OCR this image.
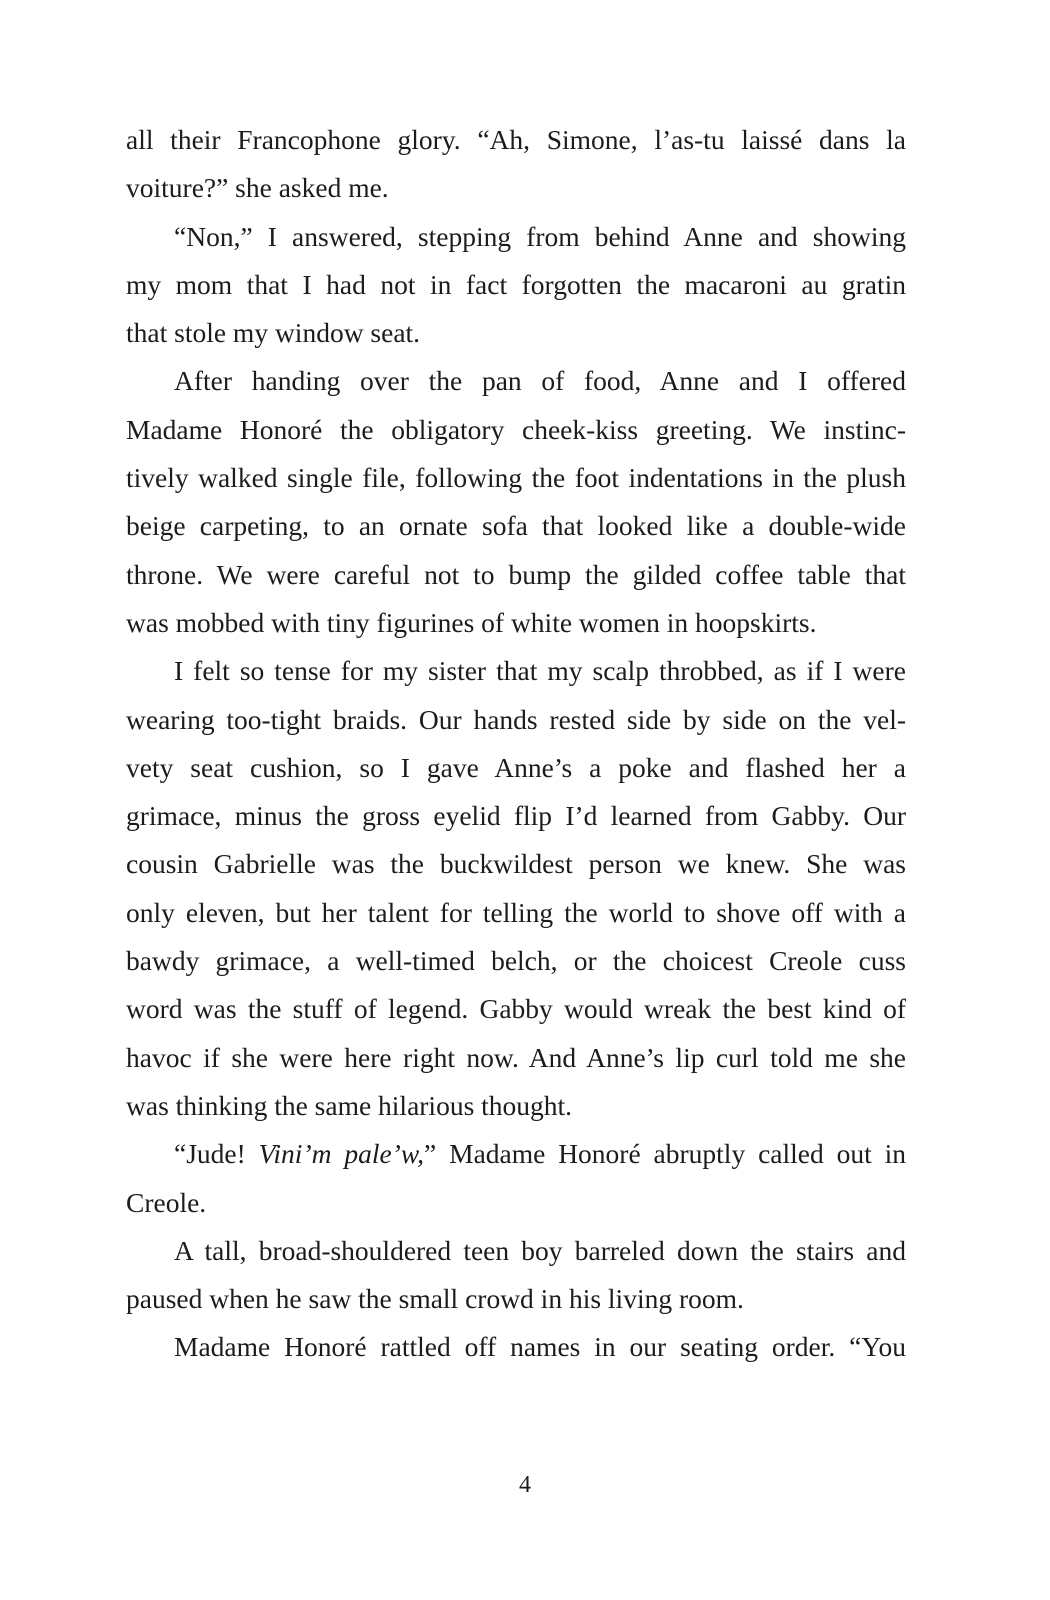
all their Francophone glory. “Ah, Simone, l’as-tu laissé dans la
voiture?” she asked me.
“Non,” I answered, stepping from behind Anne and showing
my mom that I had not in fact forgotten the macaroni au gratin
that stole my window seat.
After handing over the pan of food, Anne and I offered
Madame Honoré the obligatory cheek-kiss greeting. We instinc-
tively walked single file, following the foot indentations in the plush
beige carpeting, to an ornate sofa that looked like a double-wide
throne. We were careful not to bump the gilded coffee table that
was mobbed with tiny figurines of white women in hoopskirts.
I felt so tense for my sister that my scalp throbbed, as if I were
wearing too-tight braids. Our hands rested side by side on the vel-
vety seat cushion, so I gave Anne’s a poke and flashed her a
grimace, minus the gross eyelid flip I’d learned from Gabby. Our
cousin Gabrielle was the buckwildest person we knew. She was
only eleven, but her talent for telling the world to shove off with a
bawdy grimace, a well-timed belch, or the choicest Creole cuss
word was the stuff of legend. Gabby would wreak the best kind of
havoc if she were here right now. And Anne’s lip curl told me she
was thinking the same hilarious thought.
“Jude! Vini’m pale’w,” Madame Honoré abruptly called out in
Creole.
A tall, broad-shouldered teen boy barreled down the stairs and
paused when he saw the small crowd in his living room.
Madame Honoré rattled off names in our seating order. “You
4
